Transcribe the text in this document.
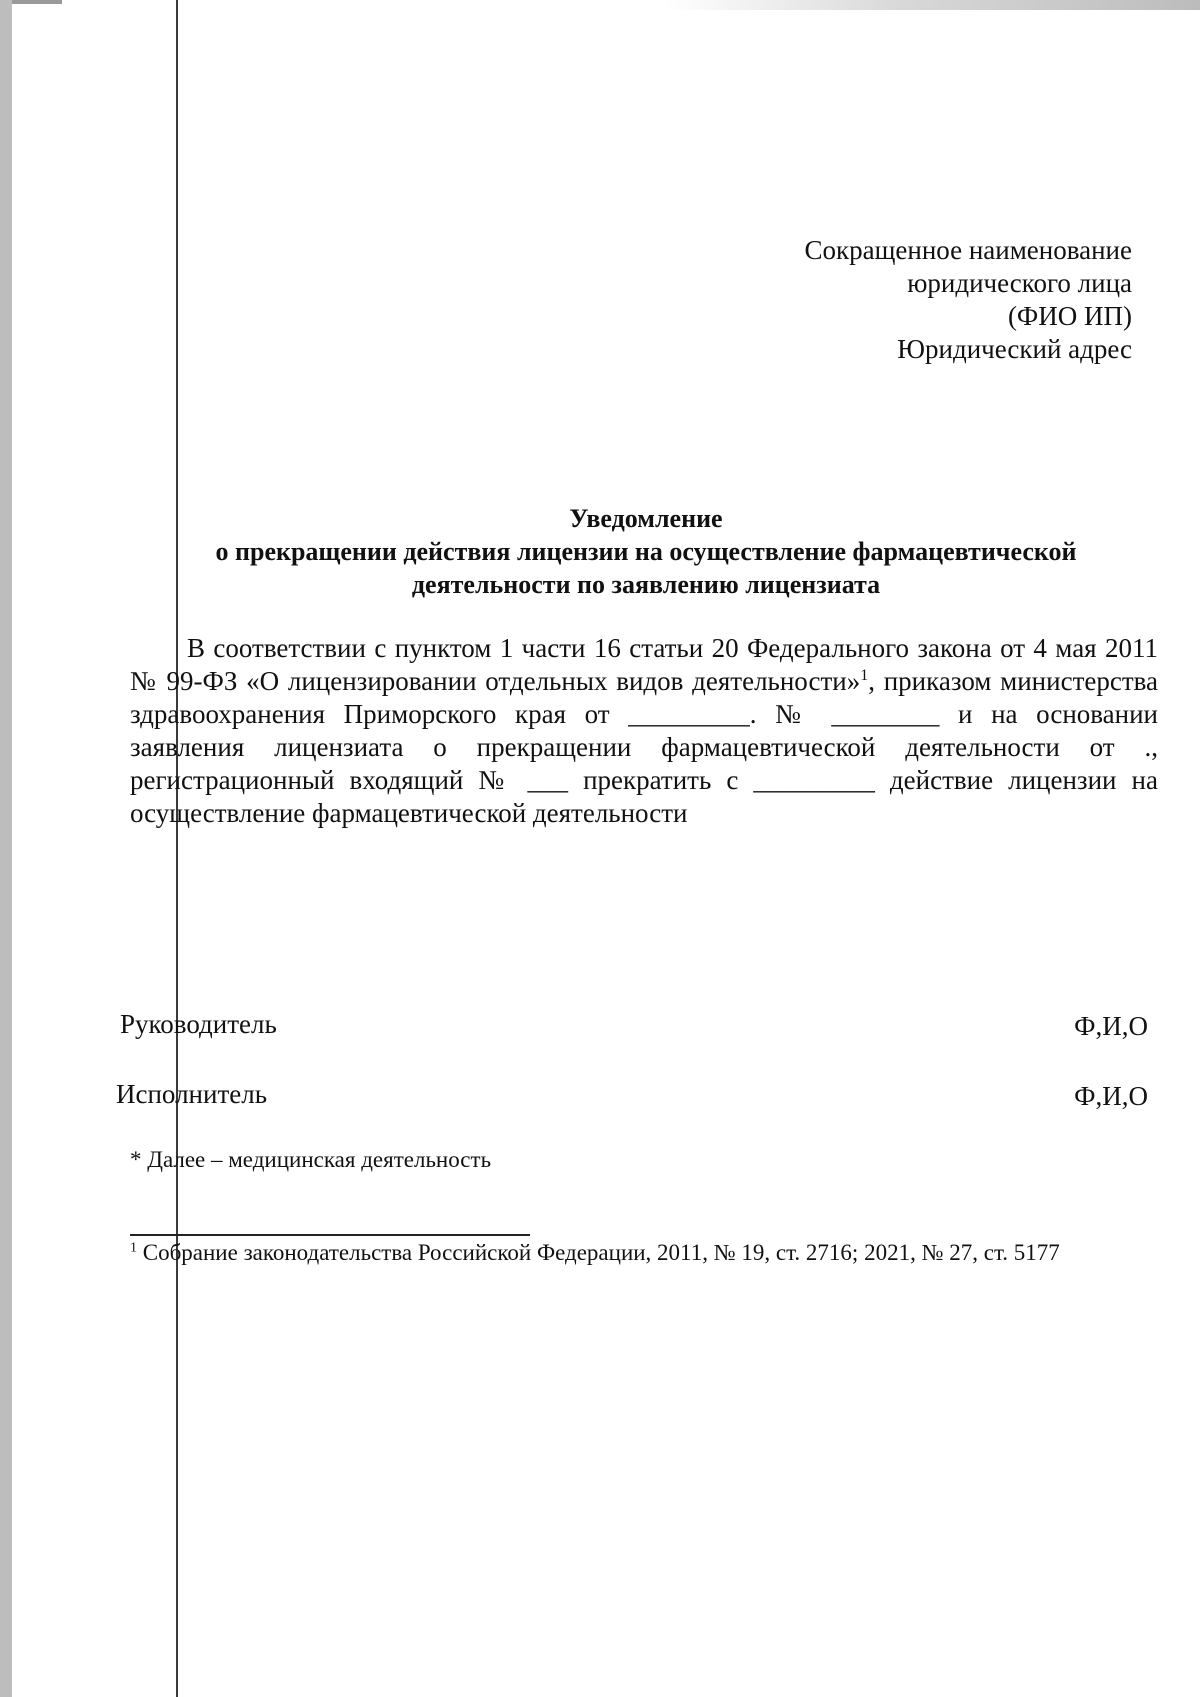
Сокращенное наименование
юридического лица
(ФИО ИП)
Юридический адрес
Уведомление
о прекращении действия лицензии на осуществление фармацевтической
деятельности по заявлению лицензиата

В соответствии с пунктом 1 части 16 статьи 20 Федерального закона от 4 мая 2011 № 99-ФЗ «О лицензировании отдельных видов деятельности»$^1$, приказом министерства здравоохранения Приморского края от _________. № ________ и на основании заявления лицензиата о прекращении фармацевтической деятельности от ., регистрационный входящий № ___ прекратить с _________ действие лицензии на осуществление фармацевтической деятельности

Руководитель	Ф,И,О
Исполнитель	Ф,И,О
* Далее – медицинская деятельность

$^1$ Собрание законодательства Российской Федерации, 2011, № 19, ст. 2716; 2021, № 27, ст. 5177
